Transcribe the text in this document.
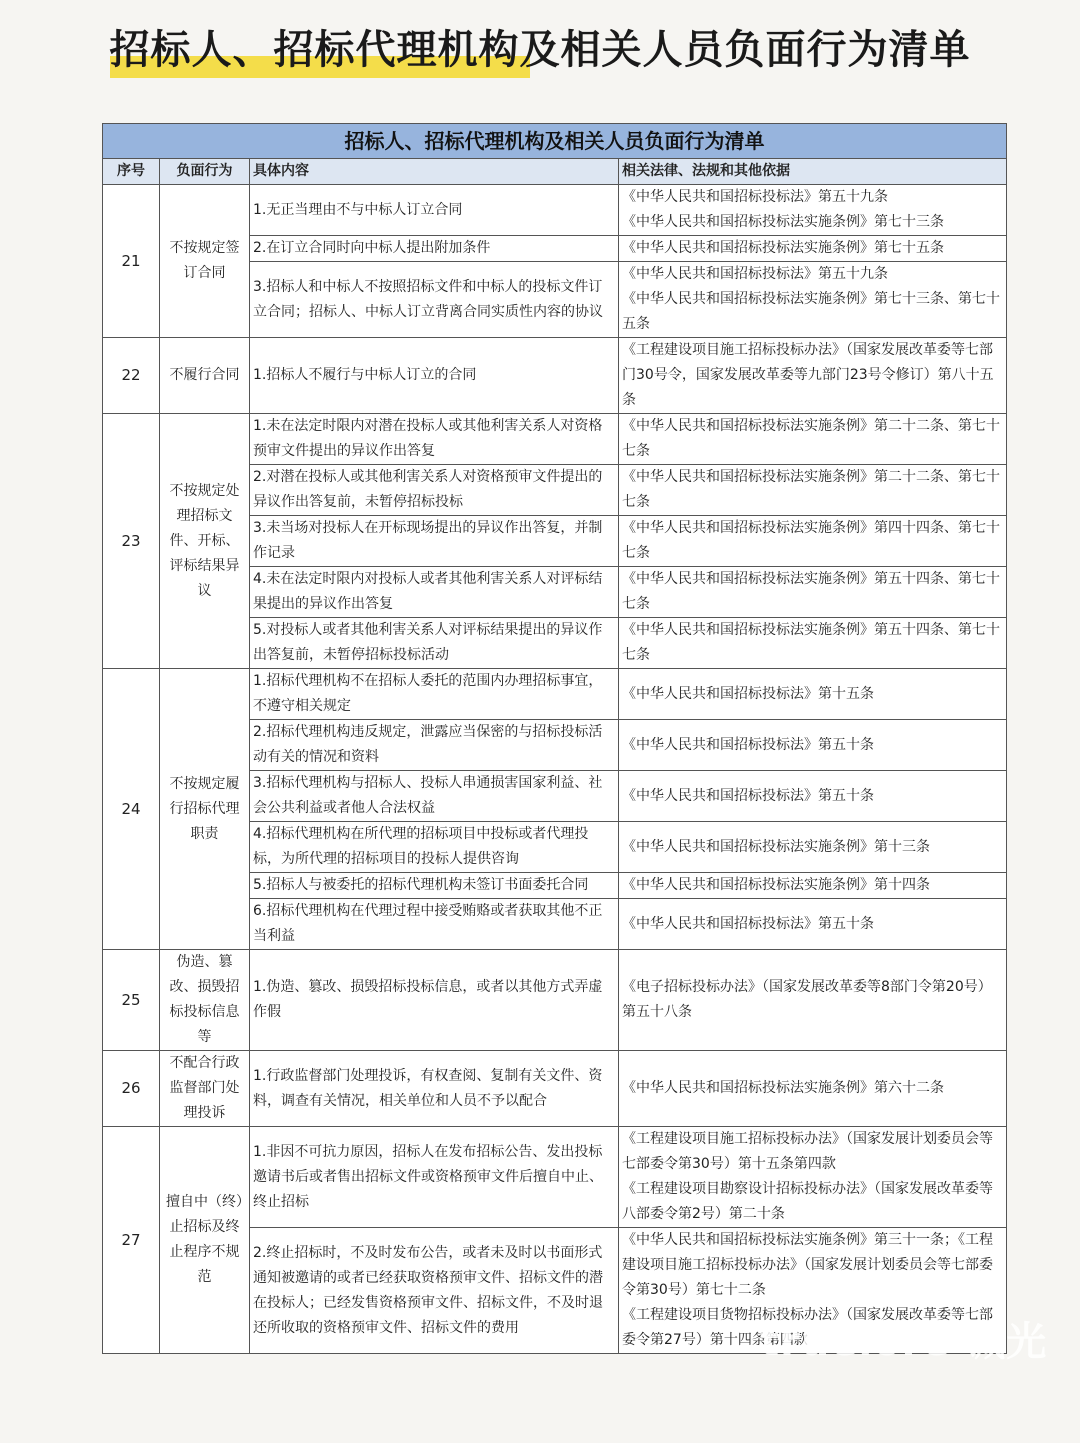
招标人、招标代理机构及相关人员负面行为清单
招标人、招标代理机构及相关人员负面行为清单			
序号	负面行为	具体内容	相关法律、法规和其他依据
21	不按规定签订合同	1.无正当理由不与中标人订立合同	《中华人民共和国招标投标法》第五十九条
《中华人民共和国招标投标法实施条例》第七十三条

		2.在订立合同时向中标人提出附加条件	《中华人民共和国招标投标法实施条例》第七十五条

		3.招标人和中标人不按照招标文件和中标人的投标文件订立合同；招标人、中标人订立背离合同实质性内容的协议	《中华人民共和国招标投标法》第五十九条
《中华人民共和国招标投标法实施条例》第七十三条、第七十五条

22	不履行合同	1.招标人不履行与中标人订立的合同	《工程建设项目施工招标投标办法》（国家发展改革委等七部门30号令，国家发展改革委等九部门23号令修订）第八十五条

23	不按规定处理招标文件、开标、评标结果异议	1.未在法定时限内对潜在投标人或其他利害关系人对资格预审文件提出的异议作出答复	《中华人民共和国招标投标法实施条例》第二十二条、第七十七条

		2.对潜在投标人或其他利害关系人对资格预审文件提出的异议作出答复前，未暂停招标投标	《中华人民共和国招标投标法实施条例》第二十二条、第七十七条

		3.未当场对投标人在开标现场提出的异议作出答复，并制作记录	《中华人民共和国招标投标法实施条例》第四十四条、第七十七条

		4.未在法定时限内对投标人或者其他利害关系人对评标结果提出的异议作出答复	《中华人民共和国招标投标法实施条例》第五十四条、第七十七条

		5.对投标人或者其他利害关系人对评标结果提出的异议作出答复前，未暂停招标投标活动	《中华人民共和国招标投标法实施条例》第五十四条、第七十七条

24	不按规定履行招标代理职责	1.招标代理机构不在招标人委托的范围内办理招标事宜，不遵守相关规定	《中华人民共和国招标投标法》第十五条

		2.招标代理机构违反规定，泄露应当保密的与招标投标活动有关的情况和资料	《中华人民共和国招标投标法》第五十条

		3.招标代理机构与招标人、投标人串通损害国家利益、社会公共利益或者他人合法权益	《中华人民共和国招标投标法》第五十条

		4.招标代理机构在所代理的招标项目中投标或者代理投标，为所代理的招标项目的投标人提供咨询	《中华人民共和国招标投标法实施条例》第十三条

		5.招标人与被委托的招标代理机构未签订书面委托合同	《中华人民共和国招标投标法实施条例》第十四条

		6.招标代理机构在代理过程中接受贿赂或者获取其他不正当利益	《中华人民共和国招标投标法》第五十条

25	伪造、篡改、损毁招标投标信息等	1.伪造、篡改、损毁招标投标信息，或者以其他方式弄虚作假	《电子招标投标办法》（国家发展改革委等8部门令第20号）第五十八条

26	不配合行政监督部门处理投诉	1.行政监督部门处理投诉，有权查阅、复制有关文件、资料，调查有关情况，相关单位和人员不予以配合	《中华人民共和国招标投标法实施条例》第六十二条

27	擅自中（终）止招标及终止程序不规范	1.非因不可抗力原因，招标人在发布招标公告、发出投标邀请书后或者售出招标文件或资格预审文件后擅自中止、终止招标	《工程建设项目施工招标投标办法》（国家发展计划委员会等七部委令第30号）第十五条第四款
《工程建设项目勘察设计招标投标办法》（国家发展改革委等八部委令第2号）第二十条

		2.终止招标时，不及时发布公告，或者未及时以书面形式通知被邀请的或者已经获取资格预审文件、招标文件的潜在投标人；已经发售资格预审文件、招标文件，不及时退还所收取的资格预审文件、招标文件的费用	《中华人民共和国招标投标法实施条例》第三十一条；《工程建设项目施工招标投标办法》（国家发展计划委员会等七部委令第30号）第七十二条
《工程建设项目货物招标投标办法》（国家发展改革委等七部委令第27号）第十四条第四款
truelore 诚光
